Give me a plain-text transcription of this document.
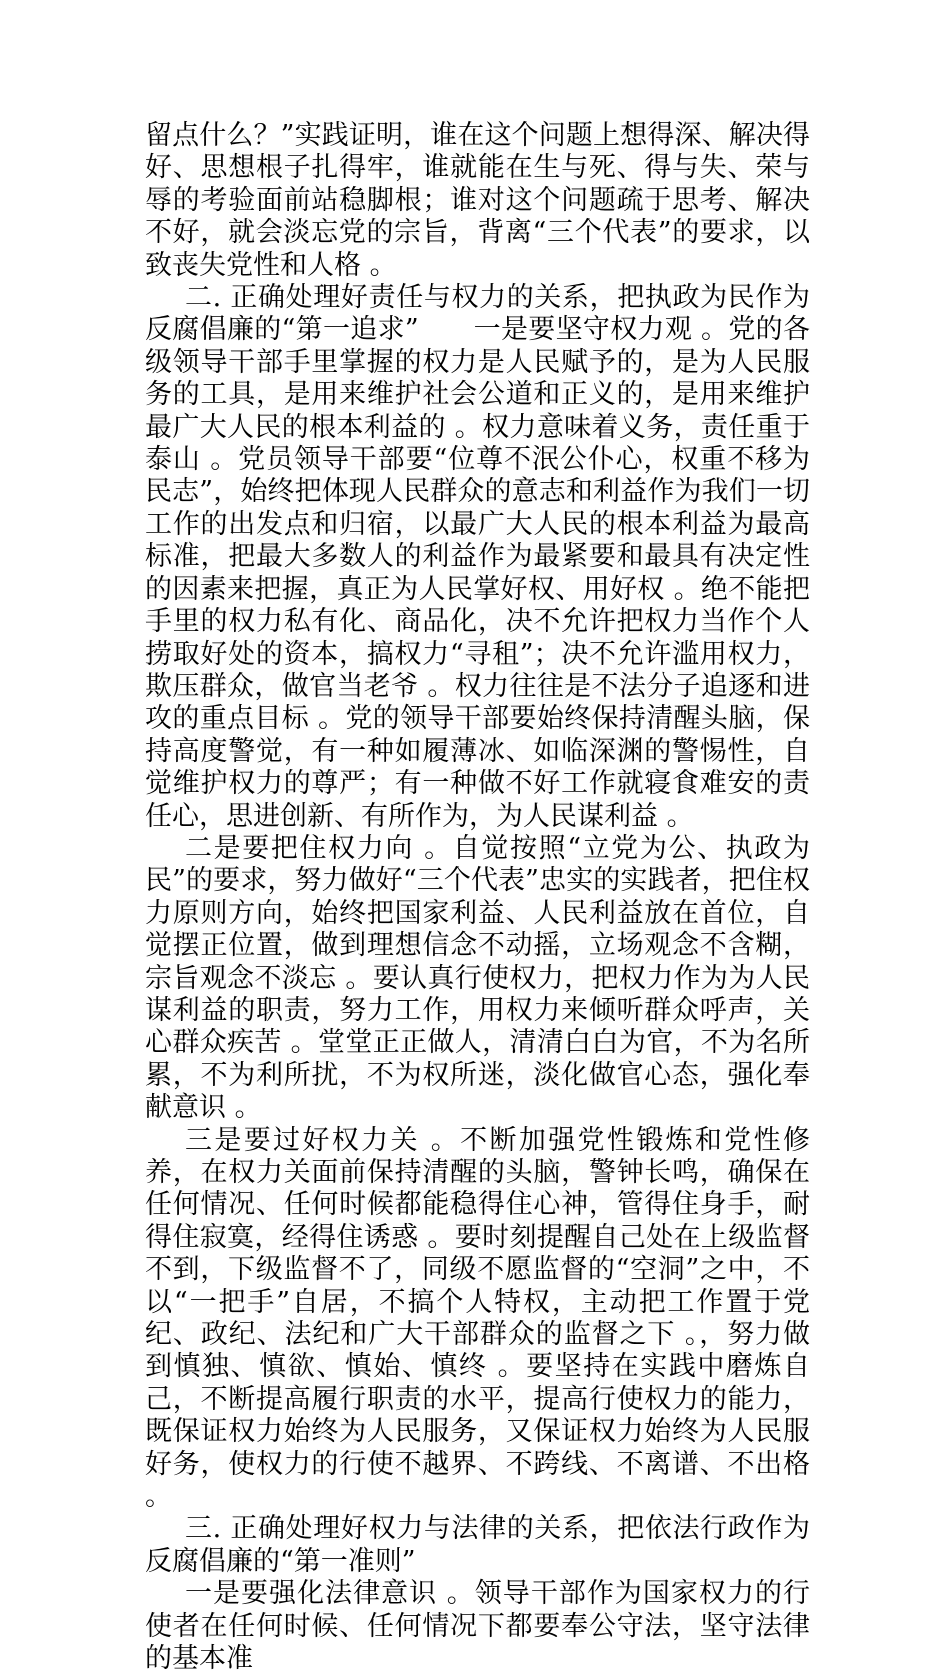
留点什么？”实践证明，谁在这个问题上想得深、解决得好、思想根子扎得牢，谁就能在生与死、得与失、荣与辱的考验面前站稳脚根；谁对这个问题疏于思考、解决不好，就会淡忘党的宗旨，背离“三个代表”的要求，以致丧失党性和人格 。

二. 正确处理好责任与权力的关系，把执政为民作为反腐倡廉的“第一追求”　　一是要坚守权力观 。党的各级领导干部手里掌握的权力是人民赋予的，是为人民服务的工具，是用来维护社会公道和正义的，是用来维护最广大人民的根本利益的 。权力意味着义务，责任重于泰山 。党员领导干部要“位尊不泯公仆心，权重不移为民志”，始终把体现人民群众的意志和利益作为我们一切工作的出发点和归宿，以最广大人民的根本利益为最高标准，把最大多数人的利益作为最紧要和最具有决定性的因素来把握，真正为人民掌好权、用好权 。绝不能把手里的权力私有化、商品化，决不允许把权力当作个人捞取好处的资本，搞权力“寻租”；决不允许滥用权力，欺压群众，做官当老爷 。权力往往是不法分子追逐和进攻的重点目标 。党的领导干部要始终保持清醒头脑，保持高度警觉，有一种如履薄冰、如临深渊的警惕性，自觉维护权力的尊严；有一种做不好工作就寝食难安的责任心，思进创新、有所作为，为人民谋利益 。

二是要把住权力向 。自觉按照“立党为公、执政为民”的要求，努力做好“三个代表”忠实的实践者，把住权力原则方向，始终把国家利益、人民利益放在首位，自觉摆正位置，做到理想信念不动摇，立场观念不含糊，宗旨观念不淡忘 。要认真行使权力，把权力作为为人民谋利益的职责，努力工作，用权力来倾听群众呼声，关心群众疾苦 。堂堂正正做人，清清白白为官，不为名所累，不为利所扰，不为权所迷，淡化做官心态，强化奉献意识 。

三是要过好权力关 。不断加强党性锻炼和党性修养，在权力关面前保持清醒的头脑，警钟长鸣，确保在任何情况、任何时候都能稳得住心神，管得住身手，耐得住寂寞，经得住诱惑 。要时刻提醒自己处在上级监督不到，下级监督不了，同级不愿监督的“空洞”之中，不以“一把手”自居，不搞个人特权，主动把工作置于党纪、政纪、法纪和广大干部群众的监督之下 。，努力做到慎独、慎欲、慎始、慎终 。要坚持在实践中磨炼自己，不断提高履行职责的水平，提高行使权力的能力，既保证权力始终为人民服务，又保证权力始终为人民服好务，使权力的行使不越界、不跨线、不离谱、不出格 。

三. 正确处理好权力与法律的关系，把依法行政作为反腐倡廉的“第一准则”

一是要强化法律意识 。领导干部作为国家权力的行使者在任何时候、任何情况下都要奉公守法，坚守法律的基本准
